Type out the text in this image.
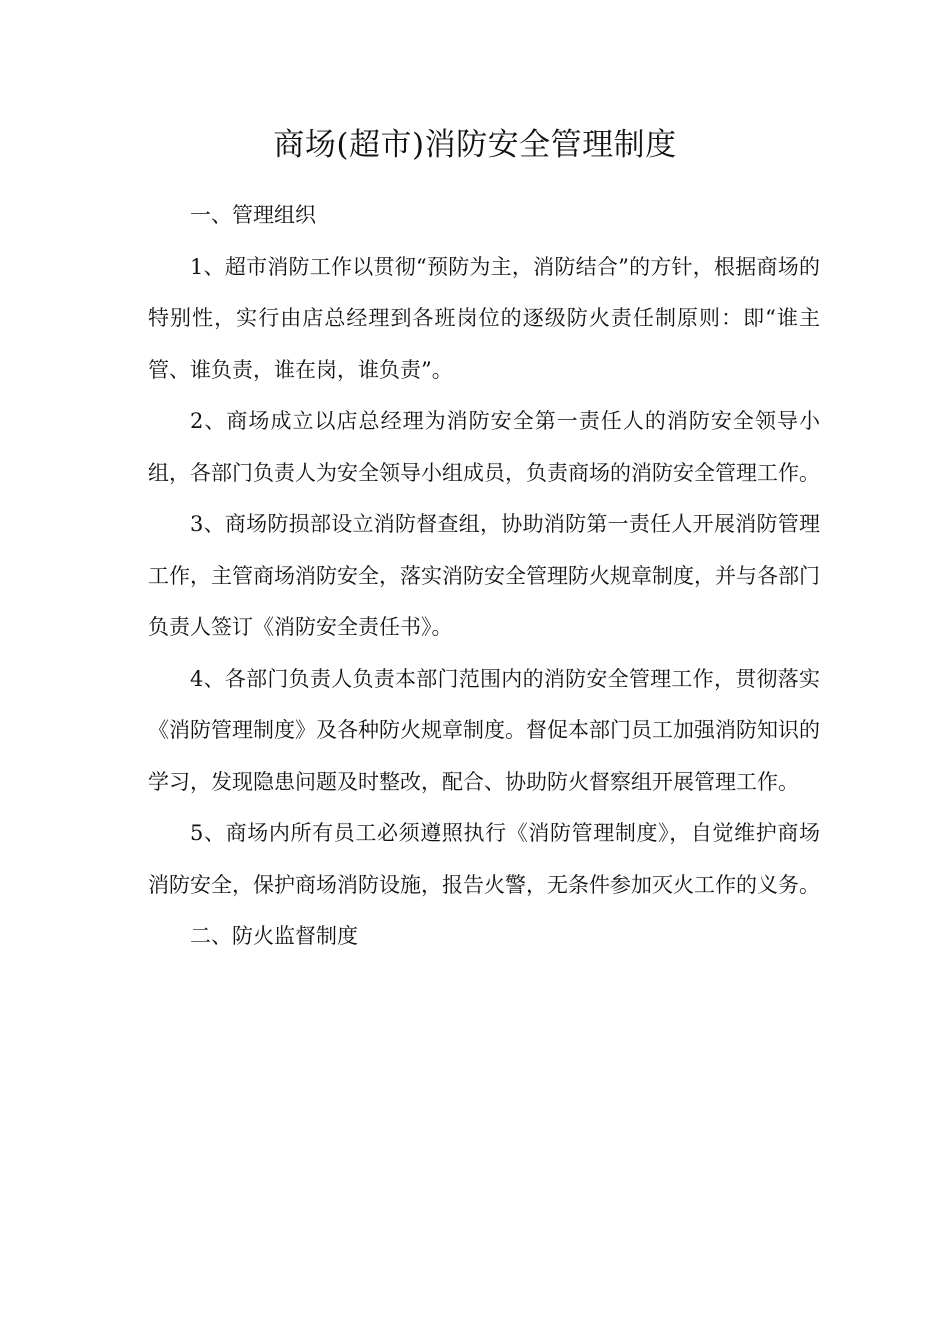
商场(超市)消防安全管理制度

一、管理组织

1、超市消防工作以贯彻“预防为主，消防结合”的方针，根据商场的特别性，实行由店总经理到各班岗位的逐级防火责任制原则：即“谁主管、谁负责，谁在岗，谁负责”。

2、商场成立以店总经理为消防安全第一责任人的消防安全领导小组，各部门负责人为安全领导小组成员，负责商场的消防安全管理工作。

3、商场防损部设立消防督查组，协助消防第一责任人开展消防管理工作，主管商场消防安全，落实消防安全管理防火规章制度，并与各部门负责人签订《消防安全责任书》。

4、各部门负责人负责本部门范围内的消防安全管理工作，贯彻落实《消防管理制度》及各种防火规章制度。督促本部门员工加强消防知识的学习，发现隐患问题及时整改，配合、协助防火督察组开展管理工作。

5、商场内所有员工必须遵照执行《消防管理制度》，自觉维护商场消防安全，保护商场消防设施，报告火警，无条件参加灭火工作的义务。

二、防火监督制度
